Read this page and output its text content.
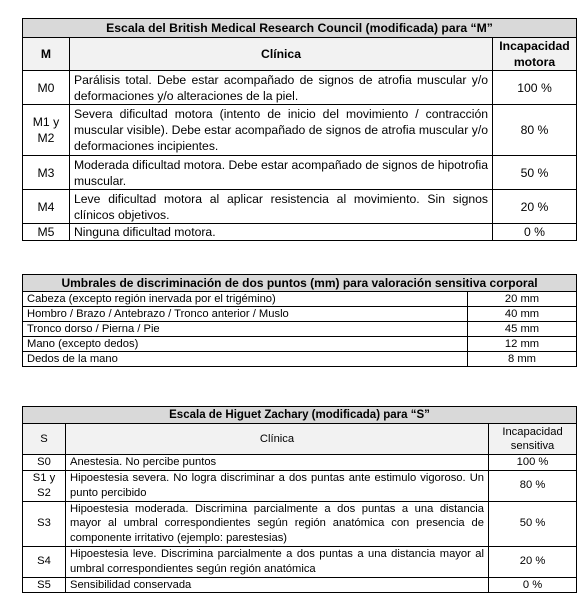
Escala del British Medical Research Council (modificada) para “M”		
M	Clínica	Incapacidad motora
M0	Parálisis total. Debe estar acompañado de signos de atrofia muscular y/o deformaciones y/o alteraciones de la piel.	100 %
M1 y M2	Severa dificultad motora (intento de inicio del movimiento / contracción muscular visible). Debe estar acompañado de signos de atrofia muscular y/o deformaciones incipientes.	80 %
M3	Moderada dificultad motora. Debe estar acompañado de signos de hipotrofia muscular.	50 %
M4	Leve dificultad motora al aplicar resistencia al movimiento. Sin signos clínicos objetivos.	20 %
M5	Ninguna dificultad motora.	0 %
Umbrales de discriminación de dos puntos (mm) para valoración sensitiva corporal	
Cabeza (excepto región inervada por el trigémino)	20 mm
Hombro / Brazo / Antebrazo / Tronco anterior / Muslo	40 mm
Tronco dorso / Pierna / Pie	45 mm
Mano (excepto dedos)	12 mm
Dedos de la mano	8 mm
Escala de Higuet Zachary (modificada) para “S”		
S	Clínica	Incapacidad sensitiva
S0	Anestesia. No percibe puntos	100 %
S1 y S2	Hipoestesia severa. No logra discriminar a dos puntas ante estimulo vigoroso. Un punto percibido	80 %
S3	Hipoestesia moderada. Discrimina parcialmente a dos puntas a una distancia mayor al umbral correspondientes según región anatómica con presencia de componente irritativo (ejemplo: parestesias)	50 %
S4	Hipoestesia leve. Discrimina parcialmente a dos puntas a una distancia mayor al umbral correspondientes según región anatómica	20 %
S5	Sensibilidad conservada	0 %
